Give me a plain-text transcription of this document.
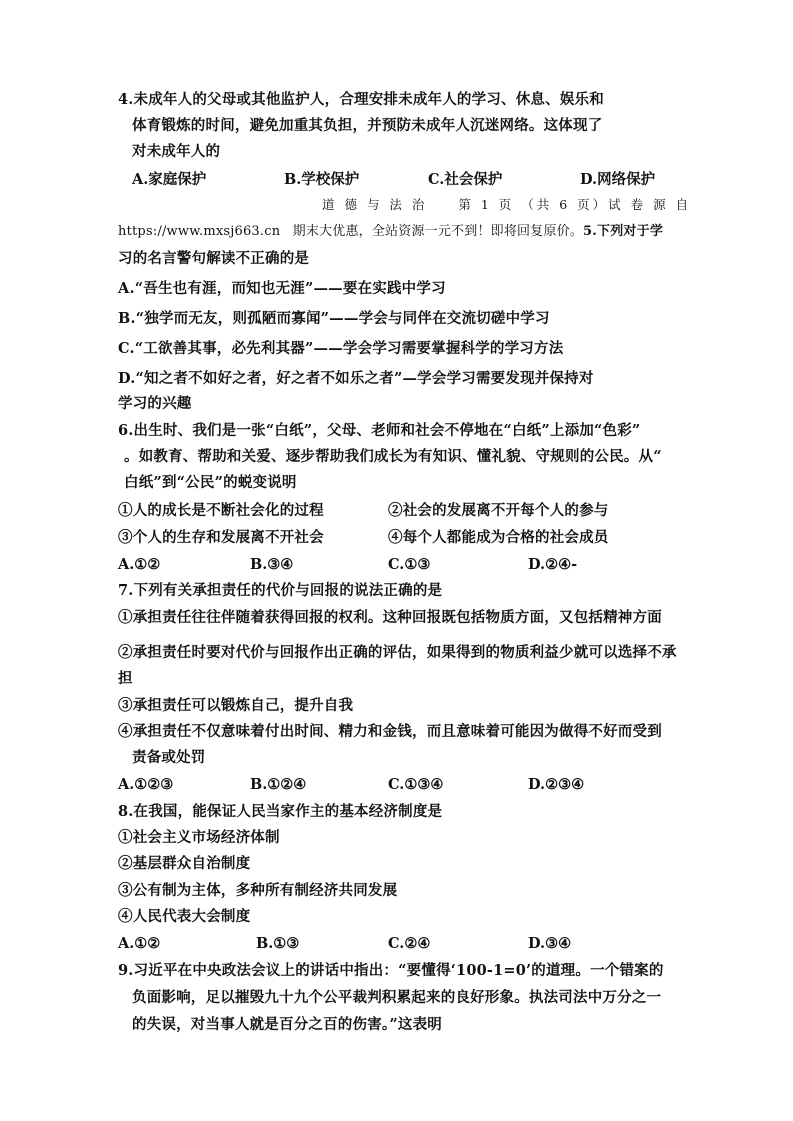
4.未成年人的父母或其他监护人，合理安排未成年人的学习、休息、娱乐和
体育锻炼的时间，避免加重其负担，并预防未成年人沉迷网络。这体现了
对未成年人的
A.家庭保护	B.学校保护	C.社会保护	D.网络保护
道 德 与 法 治　　第 1 页 （共 6 页）试 卷 源 自
https://www.mxsj663.cn 期末大优惠，全站资源一元不到！即将回复原价。5.下列对于学
习的名言警句解读不正确的是
A.“吾生也有涯，而知也无涯”——要在实践中学习
B.“独学而无友，则孤陋而寡闻”——学会与同伴在交流切磋中学习
C.“工欲善其事，必先利其器”——学会学习需要掌握科学的学习方法
D.“知之者不如好之者，好之者不如乐之者”—学会学习需要发现并保持对
学习的兴趣
6.出生时、我们是一张“白纸”，父母、老师和社会不停地在“白纸”上添加“色彩”
。如教育、帮助和关爱、逐步帮助我们成长为有知识、懂礼貌、守规则的公民。从“
白纸”到“公民”的蜕变说明
①人的成长是不断社会化的过程	②社会的发展离不开每个人的参与
③个人的生存和发展离不开社会	④每个人都能成为合格的社会成员
A.①②	B.③④	C.①③	D.②④-
7.下列有关承担责任的代价与回报的说法正确的是
①承担责任往往伴随着获得回报的权利。这种回报既包括物质方面，又包括精神方面
②承担责任时要对代价与回报作出正确的评估，如果得到的物质利益少就可以选择不承
担
③承担责任可以锻炼自己，提升自我
④承担责任不仅意味着付出时间、精力和金钱，而且意味着可能因为做得不好而受到
责备或处罚
A.①②③	B.①②④	C.①③④	D.②③④
8.在我国，能保证人民当家作主的基本经济制度是
①社会主义市场经济体制
②基层群众自治制度
③公有制为主体，多种所有制经济共同发展
④人民代表大会制度
A.①②	B.①③	C.②④	D.③④
9.习近平在中央政法会议上的讲话中指出：“要懂得‘100-1=0’的道理。一个错案的
负面影响，足以摧毁九十九个公平裁判积累起来的良好形象。执法司法中万分之一
的失误，对当事人就是百分之百的伤害。”这表明
